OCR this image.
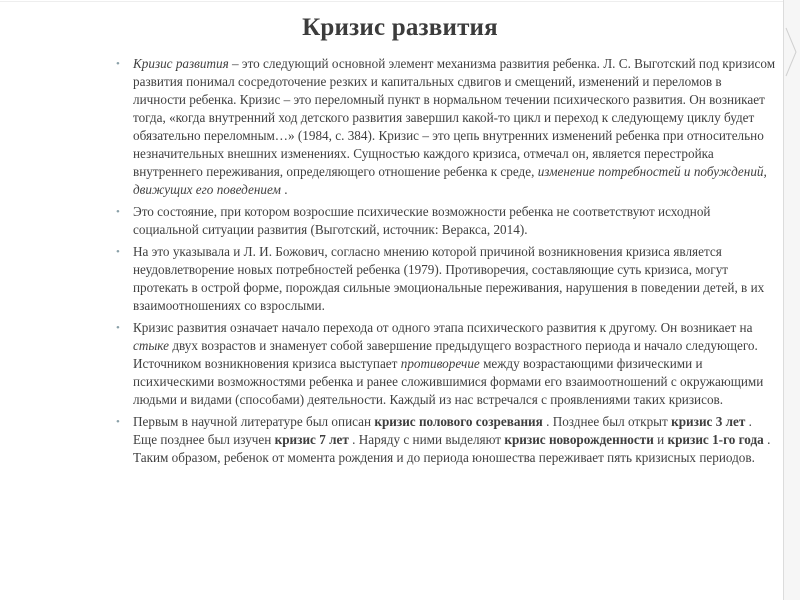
Кризис развития
• Кризис развития – это следующий основной элемент механизма развития ребенка. Л. С. Выготский под кризисом развития понимал сосредоточение резких и капитальных сдвигов и смещений, изменений и переломов в личности ребенка. Кризис – это переломный пункт в нормальном течении психического развития. Он возникает тогда, «когда внутренний ход детского развития завершил какой-то цикл и переход к следующему циклу будет обязательно переломным…» (1984, с. 384). Кризис – это цепь внутренних изменений ребенка при относительно незначительных внешних изменениях. Сущностью каждого кризиса, отмечал он, является перестройка внутреннего переживания, определяющего отношение ребенка к среде, изменение потребностей и побуждений, движущих его поведением .
• Это состояние, при котором возросшие психические возможности ребенка не соответствуют исходной социальной ситуации развития (Выготский, источник: Веракса, 2014).
• На это указывала и Л. И. Божович, согласно мнению которой причиной возникновения кризиса является неудовлетворение новых потребностей ребенка (1979). Противоречия, составляющие суть кризиса, могут протекать в острой форме, порождая сильные эмоциональные переживания, нарушения в поведении детей, в их взаимоотношениях со взрослыми.
• Кризис развития означает начало перехода от одного этапа психического развития к другому. Он возникает на стыке двух возрастов и знаменует собой завершение предыдущего возрастного периода и начало следующего. Источником возникновения кризиса выступает противоречие между возрастающими физическими и психическими возможностями ребенка и ранее сложившимися формами его взаимоотношений с окружающими людьми и видами (способами) деятельности. Каждый из нас встречался с проявлениями таких кризисов.
• Первым в научной литературе был описан кризис полового созревания . Позднее был открыт кризис 3 лет . Еще позднее был изучен кризис 7 лет . Наряду с ними выделяют кризис новорожденности и кризис 1-го года . Таким образом, ребенок от момента рождения и до периода юношества переживает пять кризисных периодов.
